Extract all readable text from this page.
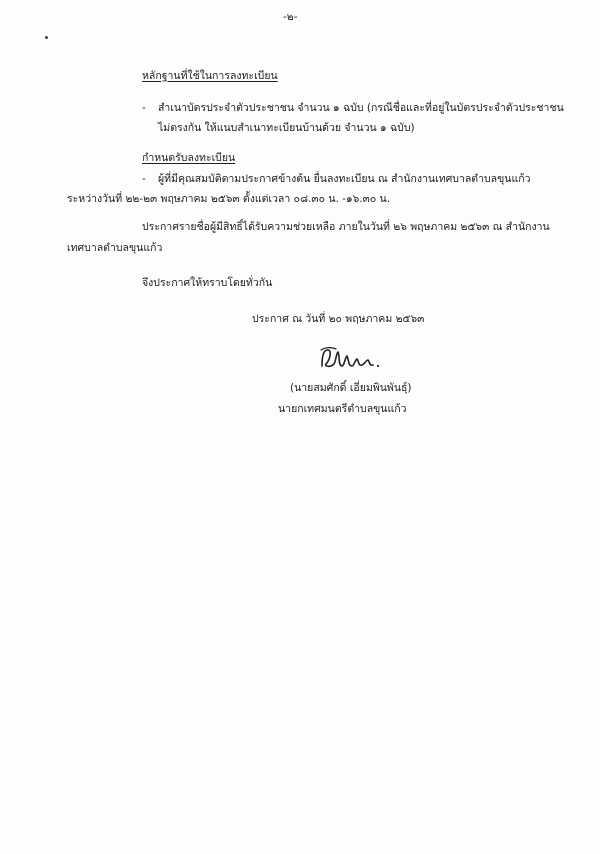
-๒-
หลักฐานที่ใช้ในการลงทะเบียน
- สำเนาบัตรประจำตัวประชาชน จำนวน ๑ ฉบับ (กรณีชื่อและที่อยู่ในบัตรประจำตัวประชาชน
ไม่ตรงกัน ให้แนบสำเนาทะเบียนบ้านด้วย จำนวน ๑ ฉบับ)
กำหนดรับลงทะเบียน
- ผู้ที่มีคุณสมบัติตามประกาศข้างต้น ยื่นลงทะเบียน ณ สำนักงานเทศบาลตำบลขุนแก้ว
ระหว่างวันที่ ๒๒-๒๓ พฤษภาคม ๒๕๖๓ ตั้งแต่เวลา ๐๘.๓๐ น. -๑๖.๓๐ น.
ประกาศรายชื่อผู้มีสิทธิ์ได้รับความช่วยเหลือ ภายในวันที่ ๒๖ พฤษภาคม ๒๕๖๓ ณ สำนักงาน
เทศบาลตำบลขุนแก้ว
จึงประกาศให้ทราบโดยทั่วกัน
ประกาศ ณ วันที่ ๒๐ พฤษภาคม ๒๕๖๓
(นายสมศักดิ์ เอี่ยมพินพันธุ์)
นายกเทศมนตรีตำบลขุนแก้ว
